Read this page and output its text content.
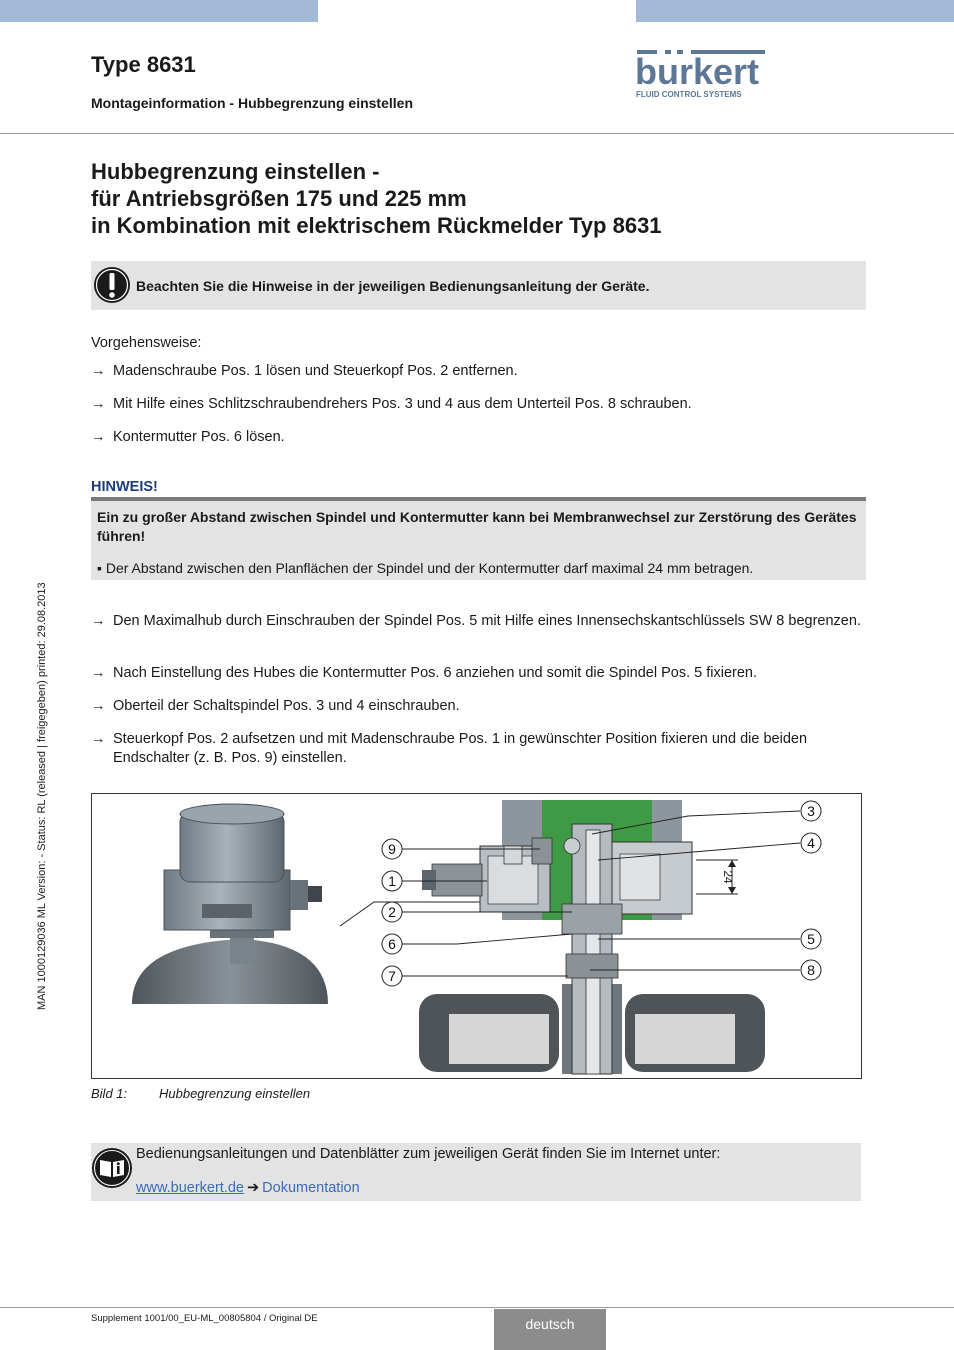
Type 8631
Montageinformation - Hubbegrenzung einstellen
burkert
FLUID CONTROL SYSTEMS
Hubbegrenzung einstellen -
für Antriebsgrößen 175 und 225 mm
in Kombination mit elektrischem Rückmelder Typ 8631
Beachten Sie die Hinweise in der jeweiligen Bedienungsanleitung der Geräte.
Vorgehensweise:
→ Madenschraube Pos. 1 lösen und Steuerkopf Pos. 2 entfernen.
→ Mit Hilfe eines Schlitzschraubendrehers Pos. 3 und 4 aus dem Unterteil Pos. 8 schrauben.
→ Kontermutter Pos. 6 lösen.
HINWEIS!
Ein zu großer Abstand zwischen Spindel und Kontermutter kann bei Membranwechsel zur Zerstörung des Gerätes führen!
▪ Der Abstand zwischen den Planflächen der Spindel und der Kontermutter darf maximal 24 mm betragen.
→ Den Maximalhub durch Einschrauben der Spindel Pos. 5 mit Hilfe eines Innensechskantschlüssels SW 8 begrenzen.
→ Nach Einstellung des Hubes die Kontermutter Pos. 6 anziehen und somit die Spindel Pos. 5 fixieren.
→ Oberteil der Schaltspindel Pos. 3 und 4 einschrauben.
→ Steuerkopf Pos. 2 aufsetzen und mit Madenschraube Pos. 1 in gewünschter Position fixieren und die beiden Endschalter (z. B. Pos. 9) einstellen.
24
9
1
2
6
7
3
4
5
8
Bild 1: Hubbegrenzung einstellen
Bedienungsanleitungen und Datenblätter zum jeweiligen Gerät finden Sie im Internet unter:
www.buerkert.de ➔ Dokumentation
MAN 1000129036 ML Version: - Status: RL (released | freigegeben) printed: 29.08.2013
Supplement 1001/00_EU-ML_00805804 / Original DE	deutsch
